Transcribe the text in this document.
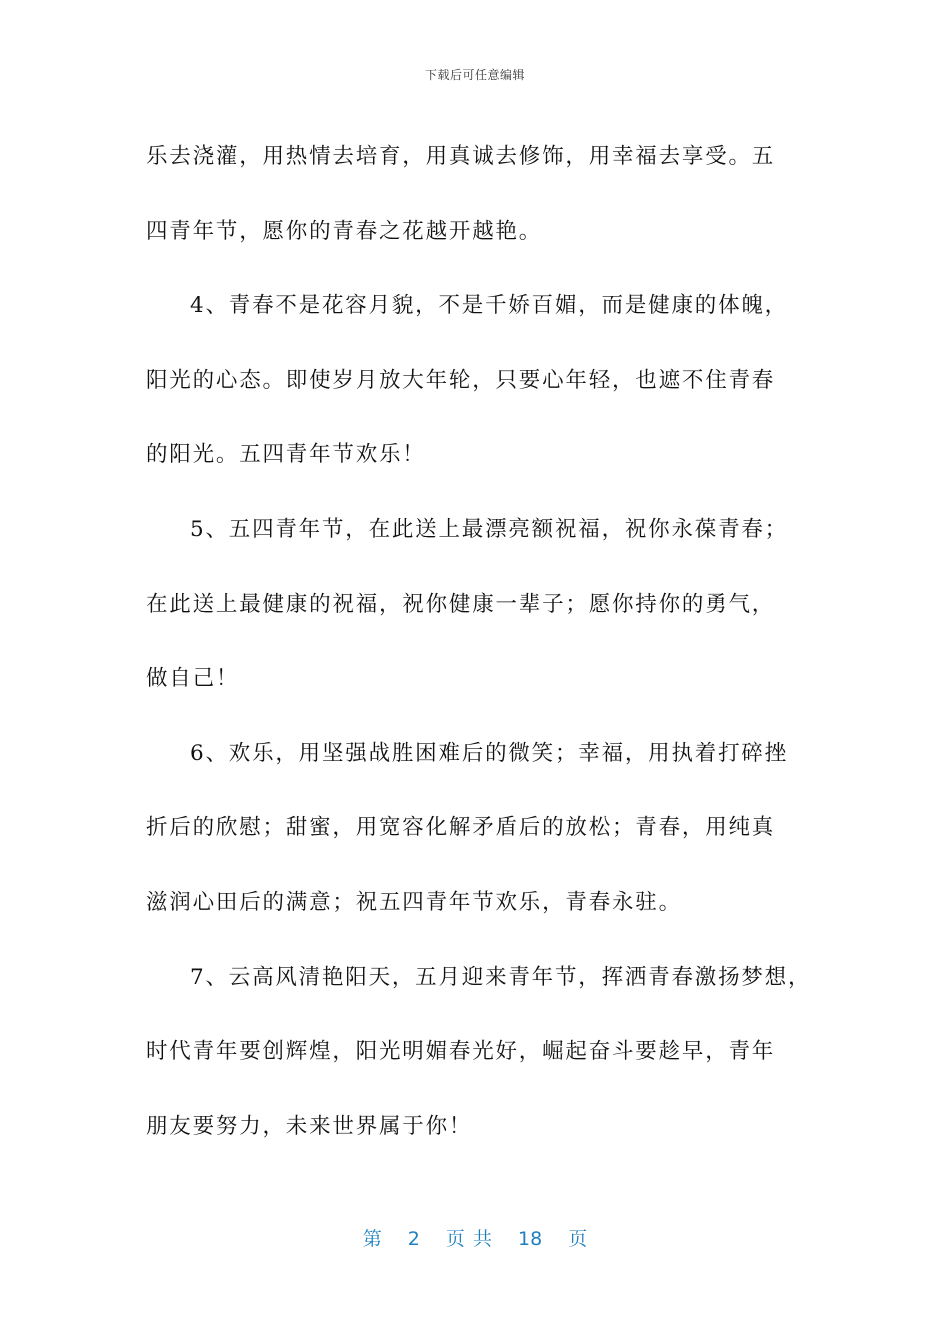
下载后可任意编辑

乐去浇灌，用热情去培育，用真诚去修饰，用幸福去享受。五
四青年节，愿你的青春之花越开越艳。

4、青春不是花容月貌，不是千娇百媚，而是健康的体魄，
阳光的心态。即使岁月放大年轮，只要心年轻，也遮不住青春
的阳光。五四青年节欢乐！

5、五四青年节，在此送上最漂亮额祝福，祝你永葆青春；
在此送上最健康的祝福，祝你健康一辈子；愿你持你的勇气，
做自己！

6、欢乐，用坚强战胜困难后的微笑；幸福，用执着打碎挫
折后的欣慰；甜蜜，用宽容化解矛盾后的放松；青春，用纯真
滋润心田后的满意；祝五四青年节欢乐，青春永驻。

7、云高风清艳阳天，五月迎来青年节，挥洒青春激扬梦想，
时代青年要创辉煌，阳光明媚春光好，崛起奋斗要趁早，青年
朋友要努力，未来世界属于你！

第 2 页 共 18 页
